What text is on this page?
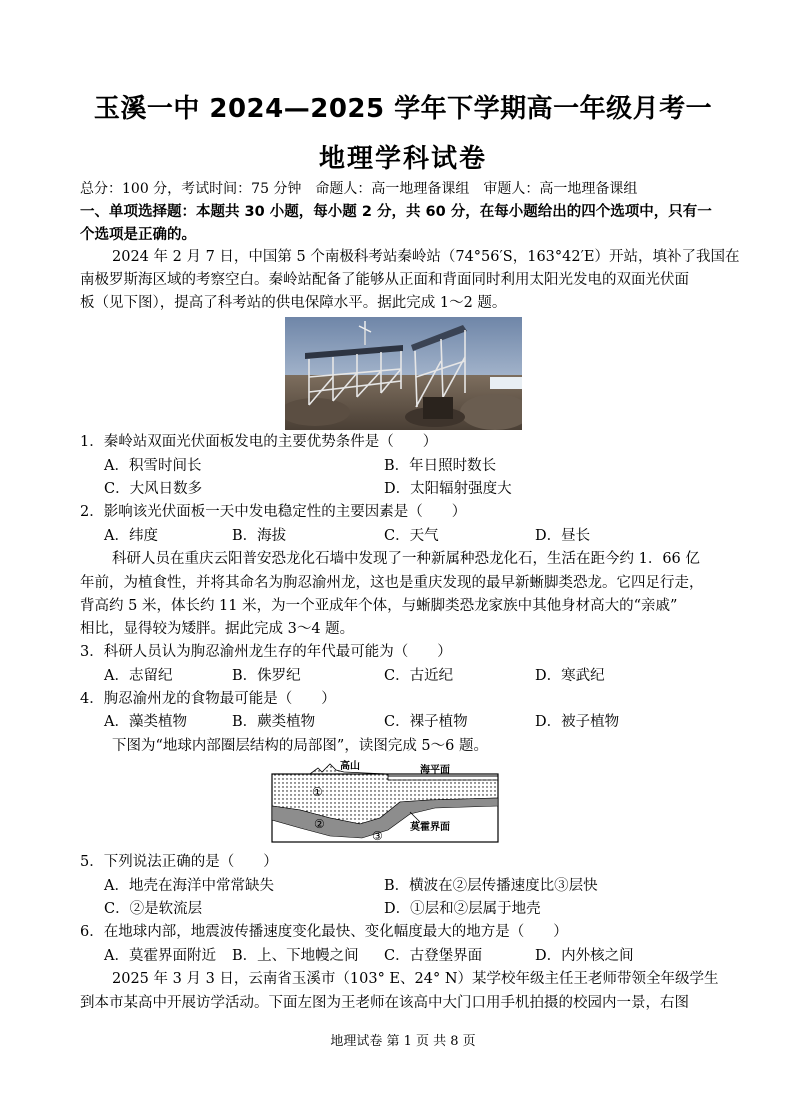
玉溪一中 2024—2025 学年下学期高一年级月考一
地理学科试卷
总分：100 分，考试时间：75 分钟　命题人：高一地理备课组　审题人：高一地理备课组
一、单项选择题：本题共 30 小题，每小题 2 分，共 60 分，在每小题给出的四个选项中，只有一
个选项是正确的。
2024 年 2 月 7 日，中国第 5 个南极科考站秦岭站（74°56′S，163°42′E）开站，填补了我国在
南极罗斯海区域的考察空白。秦岭站配备了能够从正面和背面同时利用太阳光发电的双面光伏面
板（见下图），提高了科考站的供电保障水平。据此完成 1～2 题。
1．秦岭站双面光伏面板发电的主要优势条件是（　　）
A．积雪时间长	B．年日照时数长
C．大风日数多	D．太阳辐射强度大
2．影响该光伏面板一天中发电稳定性的主要因素是（　　）
A．纬度	B．海拔	C．天气	D．昼长
科研人员在重庆云阳普安恐龙化石墙中发现了一种新属种恐龙化石，生活在距今约 1．66 亿
年前，为植食性，并将其命名为朐忍渝州龙，这也是重庆发现的最早新蜥脚类恐龙。它四足行走，
背高约 5 米，体长约 11 米，为一个亚成年个体，与蜥脚类恐龙家族中其他身材高大的“亲戚”
相比，显得较为矮胖。据此完成 3～4 题。
3．科研人员认为朐忍渝州龙生存的年代最可能为（　　）
A．志留纪	B．侏罗纪	C．古近纪	D．寒武纪
4．朐忍渝州龙的食物最可能是（　　）
A．藻类植物	B．蕨类植物	C．裸子植物	D．被子植物
下图为“地球内部圈层结构的局部图”，读图完成 5～6 题。
①
②
③
高山	海平面
莫霍界面
5．下列说法正确的是（　　）
A．地壳在海洋中常常缺失	B．横波在②层传播速度比③层快
C．②是软流层	D．①层和②层属于地壳
6．在地球内部，地震波传播速度变化最快、变化幅度最大的地方是（　　）
A．莫霍界面附近 B．上、下地幔之间 C．古登堡界面	D．内外核之间
2025 年 3 月 3 日，云南省玉溪市（103° E、24° N）某学校年级主任王老师带领全年级学生
到本市某高中开展访学活动。下面左图为王老师在该高中大门口用手机拍摄的校园内一景，右图
地理试卷 第 1 页 共 8 页
